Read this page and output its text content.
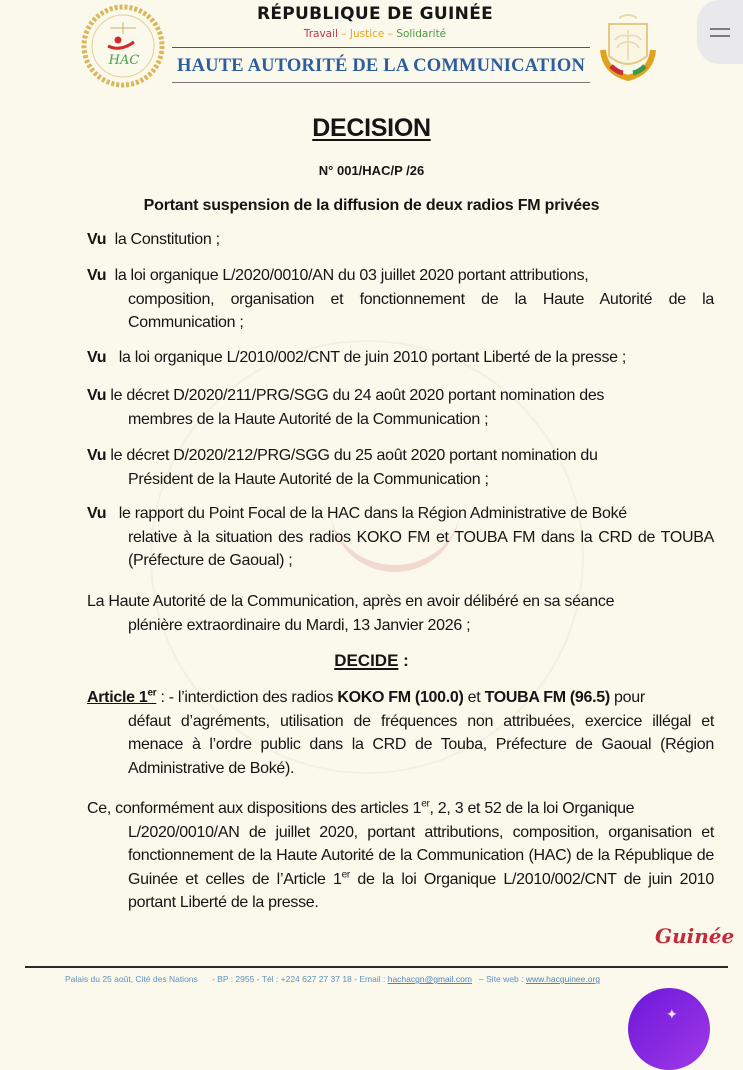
HAC
RÉPUBLIQUE DE GUINÉE
Travail – Justice – Solidarité
HAUTE AUTORITÉ DE LA COMMUNICATION
DECISION
N° 001/HAC/P /26
Portant suspension de la diffusion de deux radios FM privées
Vu la Constitution ;
Vu la loi organique L/2020/0010/AN du 03 juillet 2020 portant attributions,
composition, organisation et fonctionnement de la Haute Autorité de la Communication ;
Vu la loi organique L/2010/002/CNT de juin 2010 portant Liberté de la presse ;
Vu le décret D/2020/211/PRG/SGG du 24 août 2020 portant nomination des
membres de la Haute Autorité de la Communication ;
Vu le décret D/2020/212/PRG/SGG du 25 août 2020 portant nomination du
Président de la Haute Autorité de la Communication ;
Vu le rapport du Point Focal de la HAC dans la Région Administrative de Boké
relative à la situation des radios KOKO FM et TOUBA FM dans la CRD de TOUBA (Préfecture de Gaoual) ;
La Haute Autorité de la Communication, après en avoir délibéré en sa séance
plénière extraordinaire du Mardi, 13 Janvier 2026 ;
DECIDE :
Article 1er : - l’interdiction des radios KOKO FM (100.0) et TOUBA FM (96.5) pour
défaut d’agréments, utilisation de fréquences non attribuées, exercice illégal et menace à l’ordre public dans la CRD de Touba, Préfecture de Gaoual (Région Administrative de Boké).
Ce, conformément aux dispositions des articles 1er, 2, 3 et 52 de la loi Organique
L/2020/0010/AN de juillet 2020, portant attributions, composition, organisation et fonctionnement de la Haute Autorité de la Communication (HAC) de la République de Guinée et celles de l’Article 1er de la loi Organique L/2010/002/CNT de juin 2010 portant Liberté de la presse.
Guinée
Palais du 25 août, Cité des Nations - BP : 2955 - Tél : +224 627 27 37 18 - Email : hachacgn@gmail.com – Site web : www.hacguinee.org
✦
